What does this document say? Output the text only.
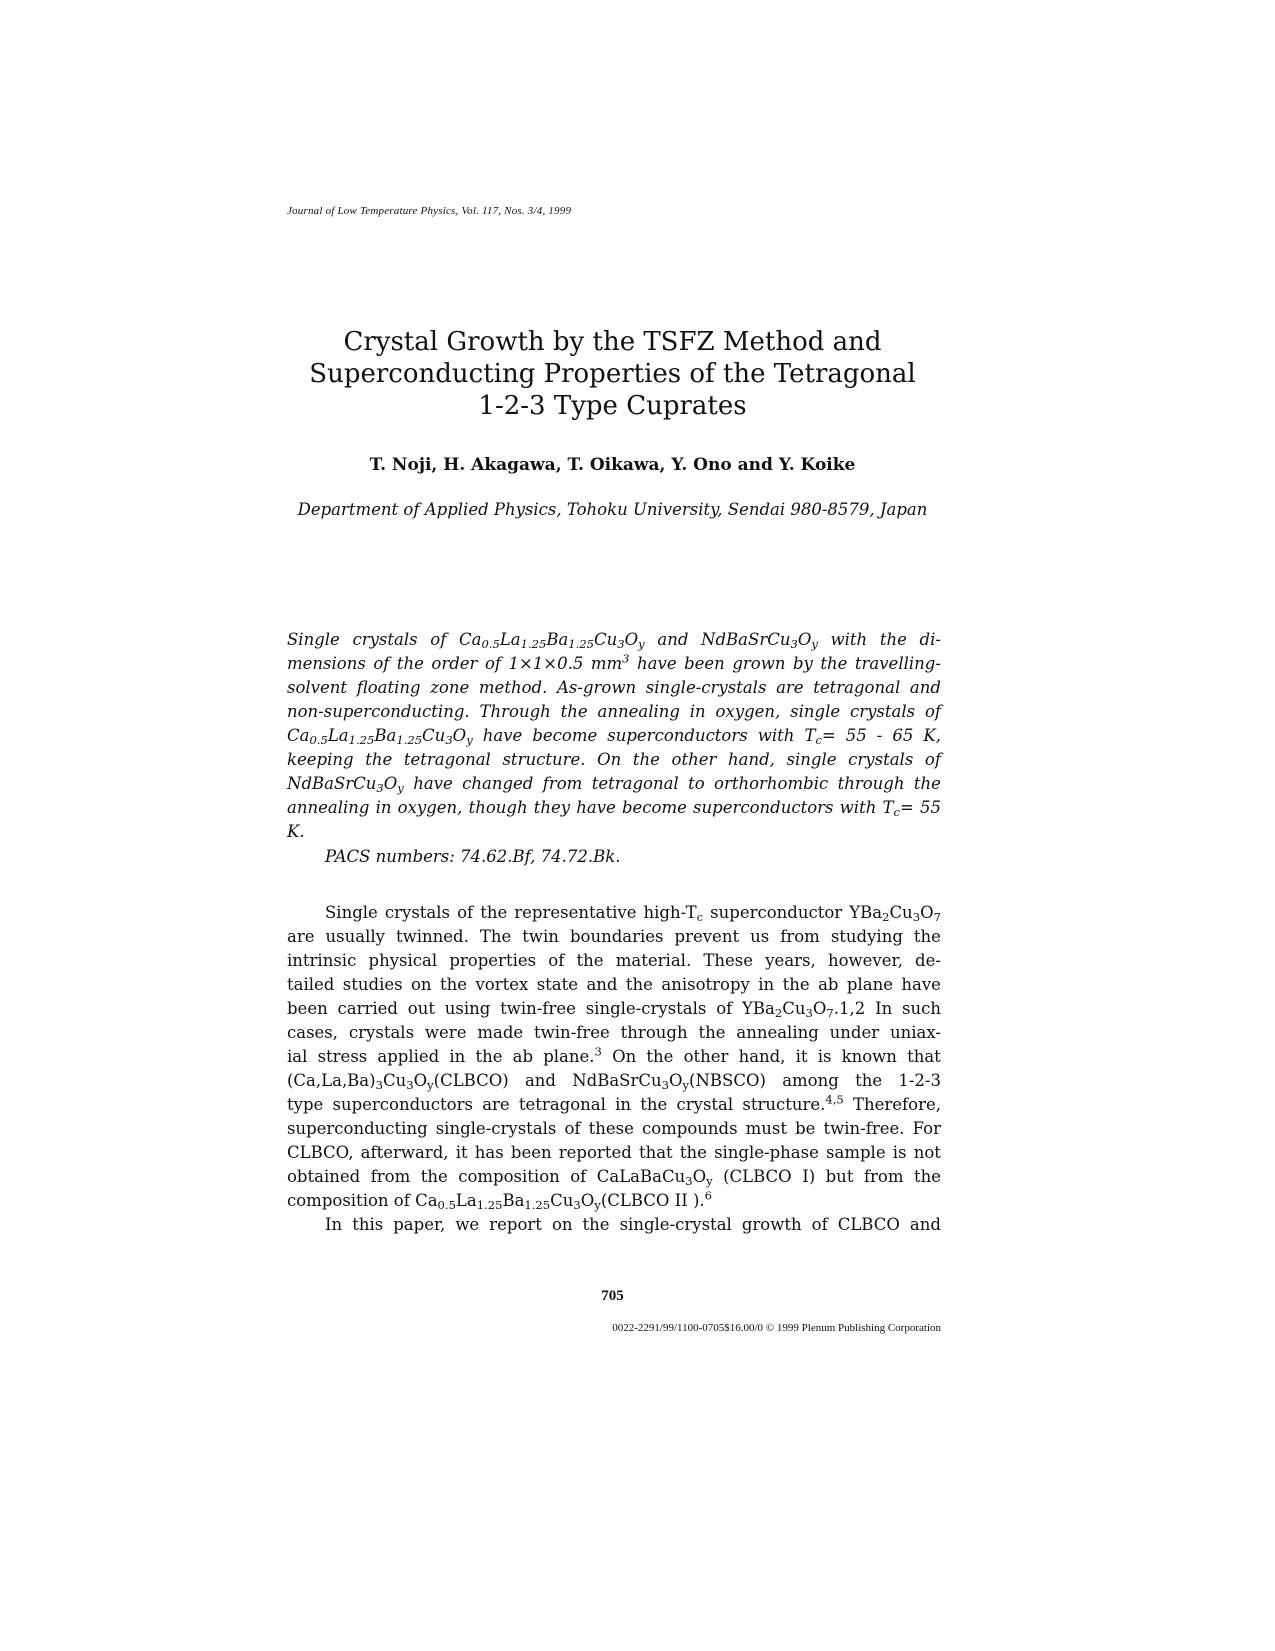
Journal of Low Temperature Physics, Vol. 117, Nos. 3/4, 1999
Crystal Growth by the TSFZ Method and
Superconducting Properties of the Tetragonal
1-2-3 Type Cuprates
T. Noji, H. Akagawa, T. Oikawa, Y. Ono and Y. Koike
Department of Applied Physics, Tohoku University, Sendai 980-8579, Japan
Single crystals of $Ca_{0.5}La_{1.25}Ba_{1.25}Cu_3O_y$ and $NdBaSrCu_3O_y$ with the di-
mensions of the order of 1×1×0.5 $mm^3$ have been grown by the travelling-
solvent floating zone method. As-grown single-crystals are tetragonal and
non-superconducting. Through the annealing in oxygen, single crystals of
$Ca_{0.5}La_{1.25}Ba_{1.25}Cu_3O_y$ have become superconductors with $T_c= 55 - 65$ K,
keeping the tetragonal structure. On the other hand, single crystals of
$NdBaSrCu_3O_y$ have changed from tetragonal to orthorhombic through the
annealing in oxygen, though they have become superconductors with $T_c= 55$
K.
PACS numbers: 74.62.Bf, 74.72.Bk.
Single crystals of the representative high-$T_c$ superconductor $YBa_2Cu_3O_7$
are usually twinned. The twin boundaries prevent us from studying the
intrinsic physical properties of the material. These years, however, de-
tailed studies on the vortex state and the anisotropy in the ab plane have
been carried out using twin-free single-crystals of $YBa_2Cu_3O_7.1,2$ In such
cases, crystals were made twin-free through the annealing under uniax-
ial stress applied in the ab plane.$^3$ On the other hand, it is known that
$(Ca,La,Ba)_3Cu_3O_y(CLBCO)$ and $NdBaSrCu_3O_y(NBSCO)$ among the 1-2-3
type superconductors are tetragonal in the crystal structure.$^{4,5}$ Therefore,
superconducting single-crystals of these compounds must be twin-free. For
CLBCO, afterward, it has been reported that the single-phase sample is not
obtained from the composition of $CaLaBaCu_3O_y$ (CLBCO I) but from the
composition
of
$Ca_{0.5}La_{1.25}Ba_{1.25}Cu_3O_y(CLBCO$
II
).$^6$
In this paper, we report on the single-crystal growth of CLBCO and
705
0022-2291/99/1100-0705$16.00/0 © 1999 Plenum Publishing Corporation
